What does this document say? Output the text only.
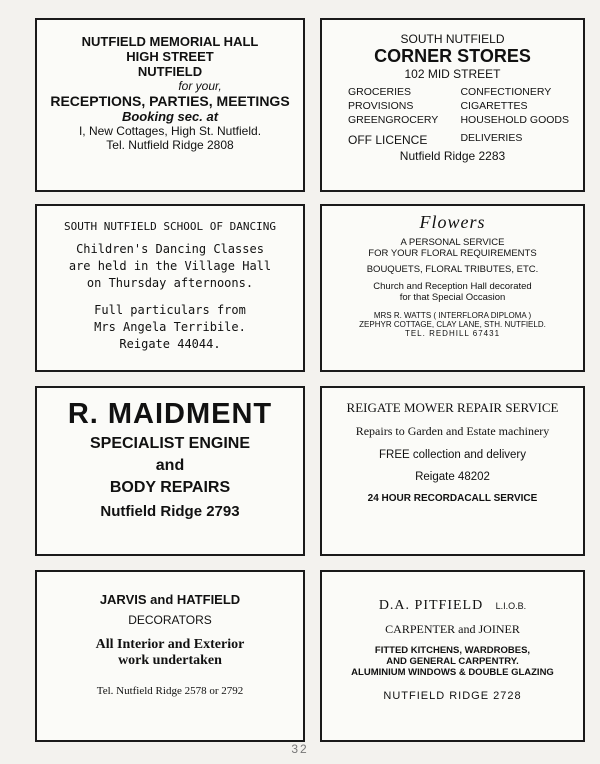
NUTFIELD MEMORIAL HALL
HIGH STREET
NUTFIELD
for your,
RECEPTIONS, PARTIES, MEETINGS
Booking sec. at
I, New Cottages, High St. Nutfield.
Tel. Nutfield Ridge 2808
SOUTH NUTFIELD
CORNER STORES
102 MID STREET
GROCERIES
PROVISIONS
GREENGROCERY
OFF LICENCE
CONFECTIONERY
CIGARETTES
HOUSEHOLD GOODS
DELIVERIES
Nutfield Ridge 2283
SOUTH NUTFIELD SCHOOL OF DANCING
Children's Dancing Classes
are held in the Village Hall
on Thursday afternoons.
Full particulars from
Mrs Angela Terribile.
Reigate 44044.
Flowers
A PERSONAL SERVICE
FOR YOUR FLORAL REQUIREMENTS
BOUQUETS, FLORAL TRIBUTES, ETC.
Church and Reception Hall decorated
for that Special Occasion
MRS R. WATTS ( INTERFLORA DIPLOMA )
ZEPHYR COTTAGE, CLAY LANE, STH. NUTFIELD.
TEL. REDHILL 67431
R. MAIDMENT
SPECIALIST ENGINE
and
BODY REPAIRS
Nutfield Ridge 2793
REIGATE MOWER REPAIR SERVICE
Repairs to Garden and Estate machinery
FREE collection and delivery
Reigate 48202
24 HOUR RECORDACALL SERVICE
JARVIS and HATFIELD
DECORATORS
All Interior and Exterior
work undertaken
Tel. Nutfield Ridge 2578 or 2792
D.A. PITFIELD L.I.O.B.
CARPENTER and JOINER
FITTED KITCHENS, WARDROBES,
AND GENERAL CARPENTRY.
ALUMINIUM WINDOWS & DOUBLE GLAZING
NUTFIELD RIDGE 2728
32
